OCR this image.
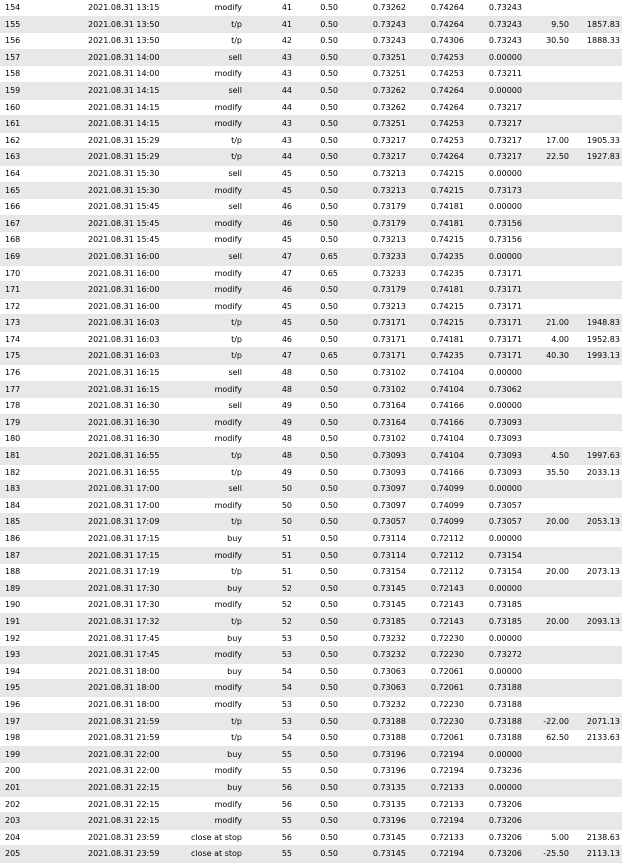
154	2021.08.31 13:15	modify	41	0.50	0.73262	0.74264	0.73243		
155	2021.08.31 13:50	t/p	41	0.50	0.73243	0.74264	0.73243	9.50	1857.83
156	2021.08.31 13:50	t/p	42	0.50	0.73243	0.74306	0.73243	30.50	1888.33
157	2021.08.31 14:00	sell	43	0.50	0.73251	0.74253	0.00000		
158	2021.08.31 14:00	modify	43	0.50	0.73251	0.74253	0.73211		
159	2021.08.31 14:15	sell	44	0.50	0.73262	0.74264	0.00000		
160	2021.08.31 14:15	modify	44	0.50	0.73262	0.74264	0.73217		
161	2021.08.31 14:15	modify	43	0.50	0.73251	0.74253	0.73217		
162	2021.08.31 15:29	t/p	43	0.50	0.73217	0.74253	0.73217	17.00	1905.33
163	2021.08.31 15:29	t/p	44	0.50	0.73217	0.74264	0.73217	22.50	1927.83
164	2021.08.31 15:30	sell	45	0.50	0.73213	0.74215	0.00000		
165	2021.08.31 15:30	modify	45	0.50	0.73213	0.74215	0.73173		
166	2021.08.31 15:45	sell	46	0.50	0.73179	0.74181	0.00000		
167	2021.08.31 15:45	modify	46	0.50	0.73179	0.74181	0.73156		
168	2021.08.31 15:45	modify	45	0.50	0.73213	0.74215	0.73156		
169	2021.08.31 16:00	sell	47	0.65	0.73233	0.74235	0.00000		
170	2021.08.31 16:00	modify	47	0.65	0.73233	0.74235	0.73171		
171	2021.08.31 16:00	modify	46	0.50	0.73179	0.74181	0.73171		
172	2021.08.31 16:00	modify	45	0.50	0.73213	0.74215	0.73171		
173	2021.08.31 16:03	t/p	45	0.50	0.73171	0.74215	0.73171	21.00	1948.83
174	2021.08.31 16:03	t/p	46	0.50	0.73171	0.74181	0.73171	4.00	1952.83
175	2021.08.31 16:03	t/p	47	0.65	0.73171	0.74235	0.73171	40.30	1993.13
176	2021.08.31 16:15	sell	48	0.50	0.73102	0.74104	0.00000		
177	2021.08.31 16:15	modify	48	0.50	0.73102	0.74104	0.73062		
178	2021.08.31 16:30	sell	49	0.50	0.73164	0.74166	0.00000		
179	2021.08.31 16:30	modify	49	0.50	0.73164	0.74166	0.73093		
180	2021.08.31 16:30	modify	48	0.50	0.73102	0.74104	0.73093		
181	2021.08.31 16:55	t/p	48	0.50	0.73093	0.74104	0.73093	4.50	1997.63
182	2021.08.31 16:55	t/p	49	0.50	0.73093	0.74166	0.73093	35.50	2033.13
183	2021.08.31 17:00	sell	50	0.50	0.73097	0.74099	0.00000		
184	2021.08.31 17:00	modify	50	0.50	0.73097	0.74099	0.73057		
185	2021.08.31 17:09	t/p	50	0.50	0.73057	0.74099	0.73057	20.00	2053.13
186	2021.08.31 17:15	buy	51	0.50	0.73114	0.72112	0.00000		
187	2021.08.31 17:15	modify	51	0.50	0.73114	0.72112	0.73154		
188	2021.08.31 17:19	t/p	51	0.50	0.73154	0.72112	0.73154	20.00	2073.13
189	2021.08.31 17:30	buy	52	0.50	0.73145	0.72143	0.00000		
190	2021.08.31 17:30	modify	52	0.50	0.73145	0.72143	0.73185		
191	2021.08.31 17:32	t/p	52	0.50	0.73185	0.72143	0.73185	20.00	2093.13
192	2021.08.31 17:45	buy	53	0.50	0.73232	0.72230	0.00000		
193	2021.08.31 17:45	modify	53	0.50	0.73232	0.72230	0.73272		
194	2021.08.31 18:00	buy	54	0.50	0.73063	0.72061	0.00000		
195	2021.08.31 18:00	modify	54	0.50	0.73063	0.72061	0.73188		
196	2021.08.31 18:00	modify	53	0.50	0.73232	0.72230	0.73188		
197	2021.08.31 21:59	t/p	53	0.50	0.73188	0.72230	0.73188	-22.00	2071.13
198	2021.08.31 21:59	t/p	54	0.50	0.73188	0.72061	0.73188	62.50	2133.63
199	2021.08.31 22:00	buy	55	0.50	0.73196	0.72194	0.00000		
200	2021.08.31 22:00	modify	55	0.50	0.73196	0.72194	0.73236		
201	2021.08.31 22:15	buy	56	0.50	0.73135	0.72133	0.00000		
202	2021.08.31 22:15	modify	56	0.50	0.73135	0.72133	0.73206		
203	2021.08.31 22:15	modify	55	0.50	0.73196	0.72194	0.73206		
204	2021.08.31 23:59	close at stop	56	0.50	0.73145	0.72133	0.73206	5.00	2138.63
205	2021.08.31 23:59	close at stop	55	0.50	0.73145	0.72194	0.73206	-25.50	2113.13
